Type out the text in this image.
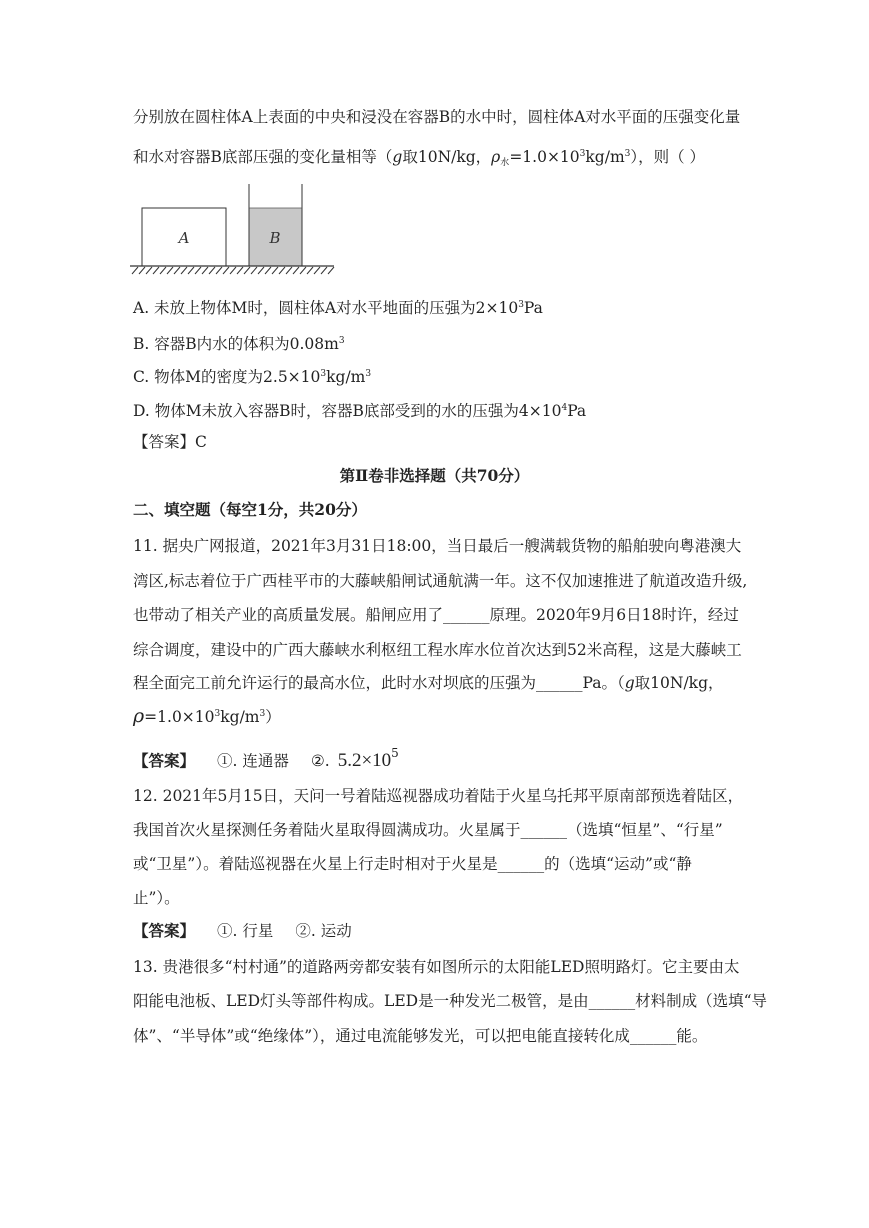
分别放在圆柱体A上表面的中央和浸没在容器B的水中时，圆柱体A对水平面的压强变化量
和水对容器B底部压强的变化量相等（g取10N/kg，$\rho_水=1.0\times 10^3kg/m^3$），则（ ）
A	B
A. 未放上物体M时，圆柱体A对水平地面的压强为$2\times 10^3Pa$
B. 容器B内水的体积为$0.08m^3$
C. 物体M的密度为$2.5\times 10^3kg/m^3$
D. 物体M未放入容器B时，容器B底部受到的水的压强为$4\times 10^4Pa$
【答案】C
第Ⅱ卷非选择题（共70分）
二、填空题（每空1分，共20分）
11. 据央广网报道，2021年3月31日18:00，当日最后一艘满载货物的船舶驶向粤港澳大
湾区,标志着位于广西桂平市的大藤峡船闸试通航满一年。这不仅加速推进了航道改造升级,
也带动了相关产业的高质量发展。船闸应用了______原理。2020年9月6日18时许，经过
综合调度，建设中的广西大藤峡水利枢纽工程水库水位首次达到52米高程，这是大藤峡工
程全面完工前允许运行的最高水位，此时水对坝底的压强为______Pa。（g取10N/kg，
$\rho=1.0\times 10^3kg/m^3$）
【答案】 ①. 连通器 ②. $5.2\times 10^5$
12. 2021年5月15日，天问一号着陆巡视器成功着陆于火星乌托邦平原南部预选着陆区，
我国首次火星探测任务着陆火星取得圆满成功。火星属于______（选填“恒星”、“行星”
或“卫星”）。着陆巡视器在火星上行走时相对于火星是______的（选填“运动”或“静
止”）。
【答案】 ①. 行星 ②. 运动
13. 贵港很多“村村通”的道路两旁都安装有如图所示的太阳能LED照明路灯。它主要由太
阳能电池板、LED灯头等部件构成。LED是一种发光二极管，是由______材料制成（选填“导
体”、“半导体”或“绝缘体”），通过电流能够发光，可以把电能直接转化成______能。
